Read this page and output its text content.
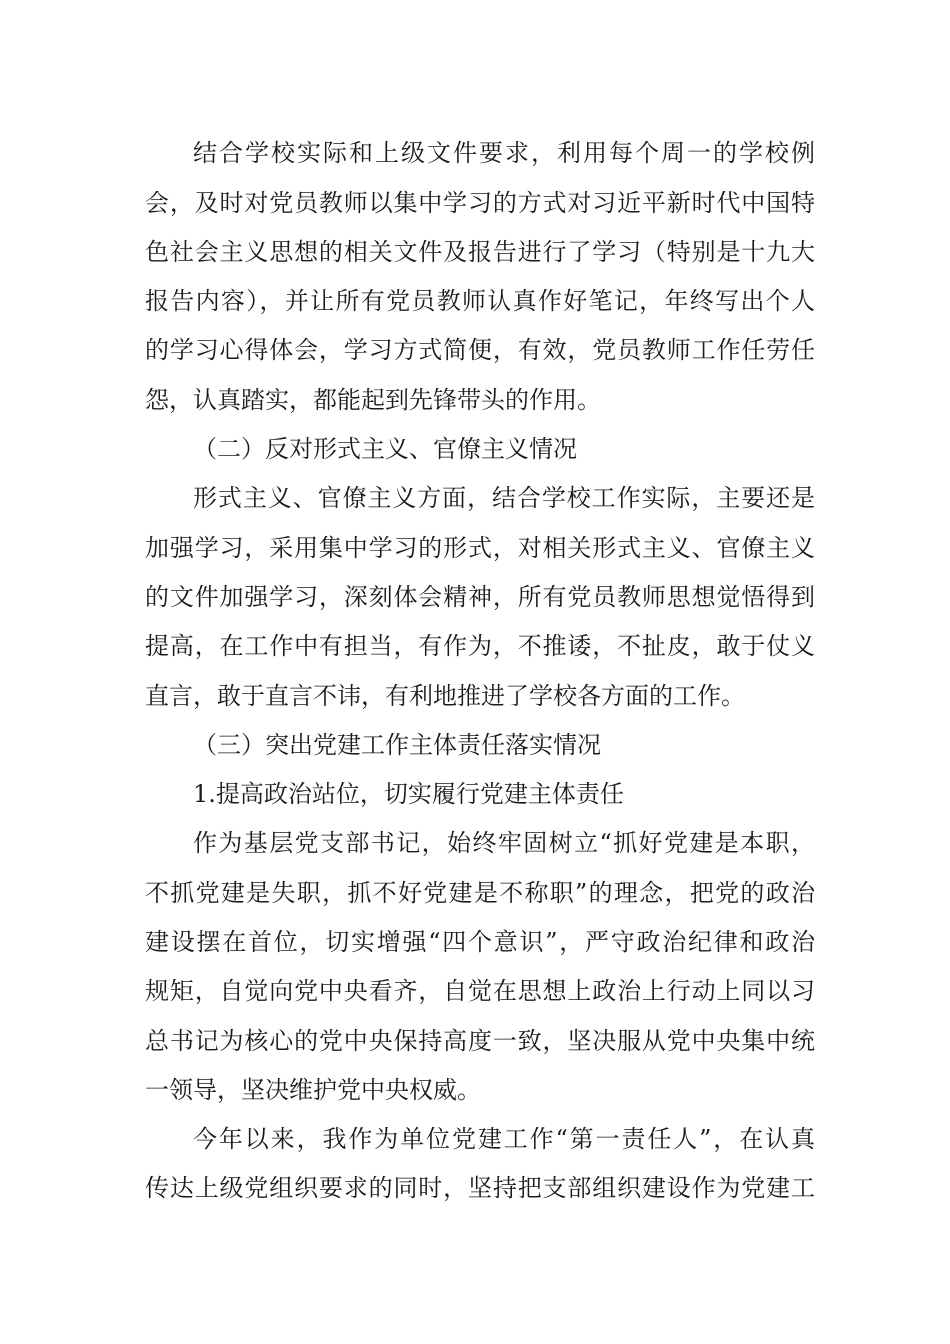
结合学校实际和上级文件要求，利用每个周一的学校例
会，及时对党员教师以集中学习的方式对习近平新时代中国特
色社会主义思想的相关文件及报告进行了学习（特别是十九大
报告内容），并让所有党员教师认真作好笔记，年终写出个人
的学习心得体会，学习方式简便，有效，党员教师工作任劳任
怨，认真踏实，都能起到先锋带头的作用。
（二）反对形式主义、官僚主义情况
形式主义、官僚主义方面，结合学校工作实际，主要还是
加强学习，采用集中学习的形式，对相关形式主义、官僚主义
的文件加强学习，深刻体会精神，所有党员教师思想觉悟得到
提高，在工作中有担当，有作为，不推诿，不扯皮，敢于仗义
直言，敢于直言不讳，有利地推进了学校各方面的工作。
（三）突出党建工作主体责任落实情况
1.提高政治站位，切实履行党建主体责任
作为基层党支部书记，始终牢固树立“抓好党建是本职，
不抓党建是失职，抓不好党建是不称职”的理念，把党的政治
建设摆在首位，切实增强“四个意识”，严守政治纪律和政治
规矩，自觉向党中央看齐，自觉在思想上政治上行动上同以习
总书记为核心的党中央保持高度一致，坚决服从党中央集中统
一领导，坚决维护党中央权威。
今年以来，我作为单位党建工作“第一责任人”，在认真
传达上级党组织要求的同时，坚持把支部组织建设作为党建工
